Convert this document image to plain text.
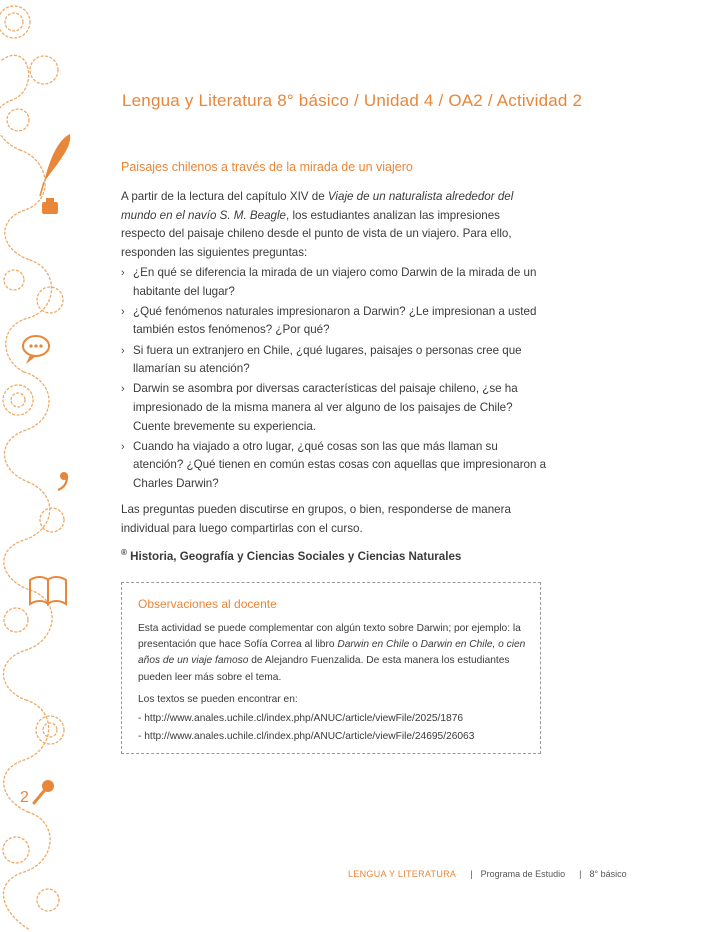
2
Lengua y Literatura 8° básico / Unidad 4 / OA2 / Actividad 2
Paisajes chilenos a través de la mirada de un viajero

A partir de la lectura del capítulo XIV de Viaje de un naturalista alrededor del mundo en el navío S. M. Beagle, los estudiantes analizan las impresiones respecto del paisaje chileno desde el punto de vista de un viajero. Para ello, responden las siguientes preguntas:

› ¿En qué se diferencia la mirada de un viajero como Darwin de la mirada de un habitante del lugar?
› ¿Qué fenómenos naturales impresionaron a Darwin? ¿Le impresionan a usted también estos fenómenos? ¿Por qué?
› Si fuera un extranjero en Chile, ¿qué lugares, paisajes o personas cree que llamarían su atención?
› Darwin se asombra por diversas características del paisaje chileno, ¿se ha impresionado de la misma manera al ver alguno de los paisajes de Chile? Cuente brevemente su experiencia.
› Cuando ha viajado a otro lugar, ¿qué cosas son las que más llaman su atención? ¿Qué tienen en común estas cosas con aquellas que impresionaron a Charles Darwin?

Las preguntas pueden discutirse en grupos, o bien, responderse de manera individual para luego compartirlas con el curso.

® Historia, Geografía y Ciencias Sociales y Ciencias Naturales
Observaciones al docente

Esta actividad se puede complementar con algún texto sobre Darwin; por ejemplo: la presentación que hace Sofía Correa al libro Darwin en Chile o Darwin en Chile, o cien años de un viaje famoso de Alejandro Fuenzalida. De esta manera los estudiantes pueden leer más sobre el tema.

Los textos se pueden encontrar en:
- http://www.anales.uchile.cl/index.php/ANUC/article/viewFile/2025/1876
- http://www.anales.uchile.cl/index.php/ANUC/article/viewFile/24695/26063
LENGUA Y LITERATURA | Programa de Estudio | 8° básico
